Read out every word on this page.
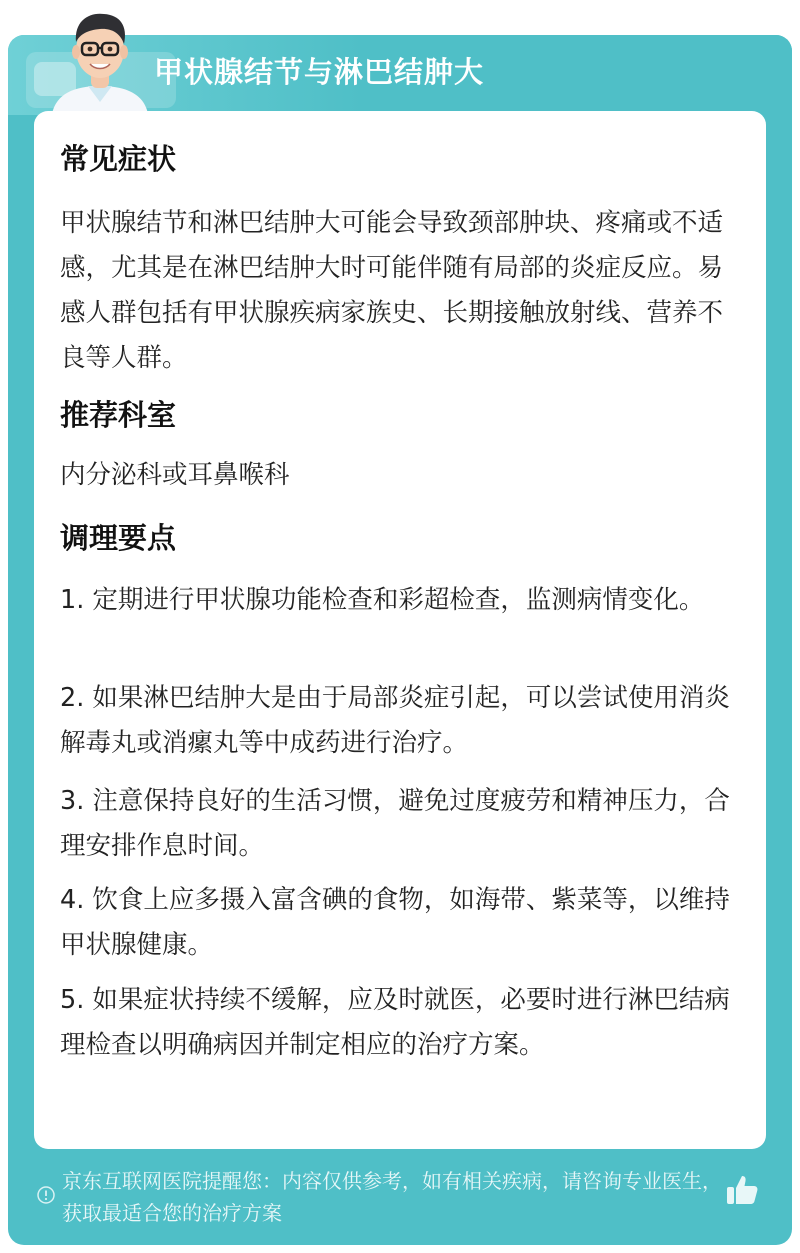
甲状腺结节与淋巴结肿大
常见症状
甲状腺结节和淋巴结肿大可能会导致颈部肿块、疼痛或不适感，尤其是在淋巴结肿大时可能伴随有局部的炎症反应。易感人群包括有甲状腺疾病家族史、长期接触放射线、营养不良等人群。
推荐科室
内分泌科或耳鼻喉科
调理要点
1. 定期进行甲状腺功能检查和彩超检查，监测病情变化。
2. 如果淋巴结肿大是由于局部炎症引起，可以尝试使用消炎解毒丸或消瘰丸等中成药进行治疗。
3. 注意保持良好的生活习惯，避免过度疲劳和精神压力，合理安排作息时间。
4. 饮食上应多摄入富含碘的食物，如海带、紫菜等，以维持甲状腺健康。
5. 如果症状持续不缓解，应及时就医，必要时进行淋巴结病理检查以明确病因并制定相应的治疗方案。
京东互联网医院提醒您：内容仅供参考，如有相关疾病，请咨询专业医生，获取最适合您的治疗方案
